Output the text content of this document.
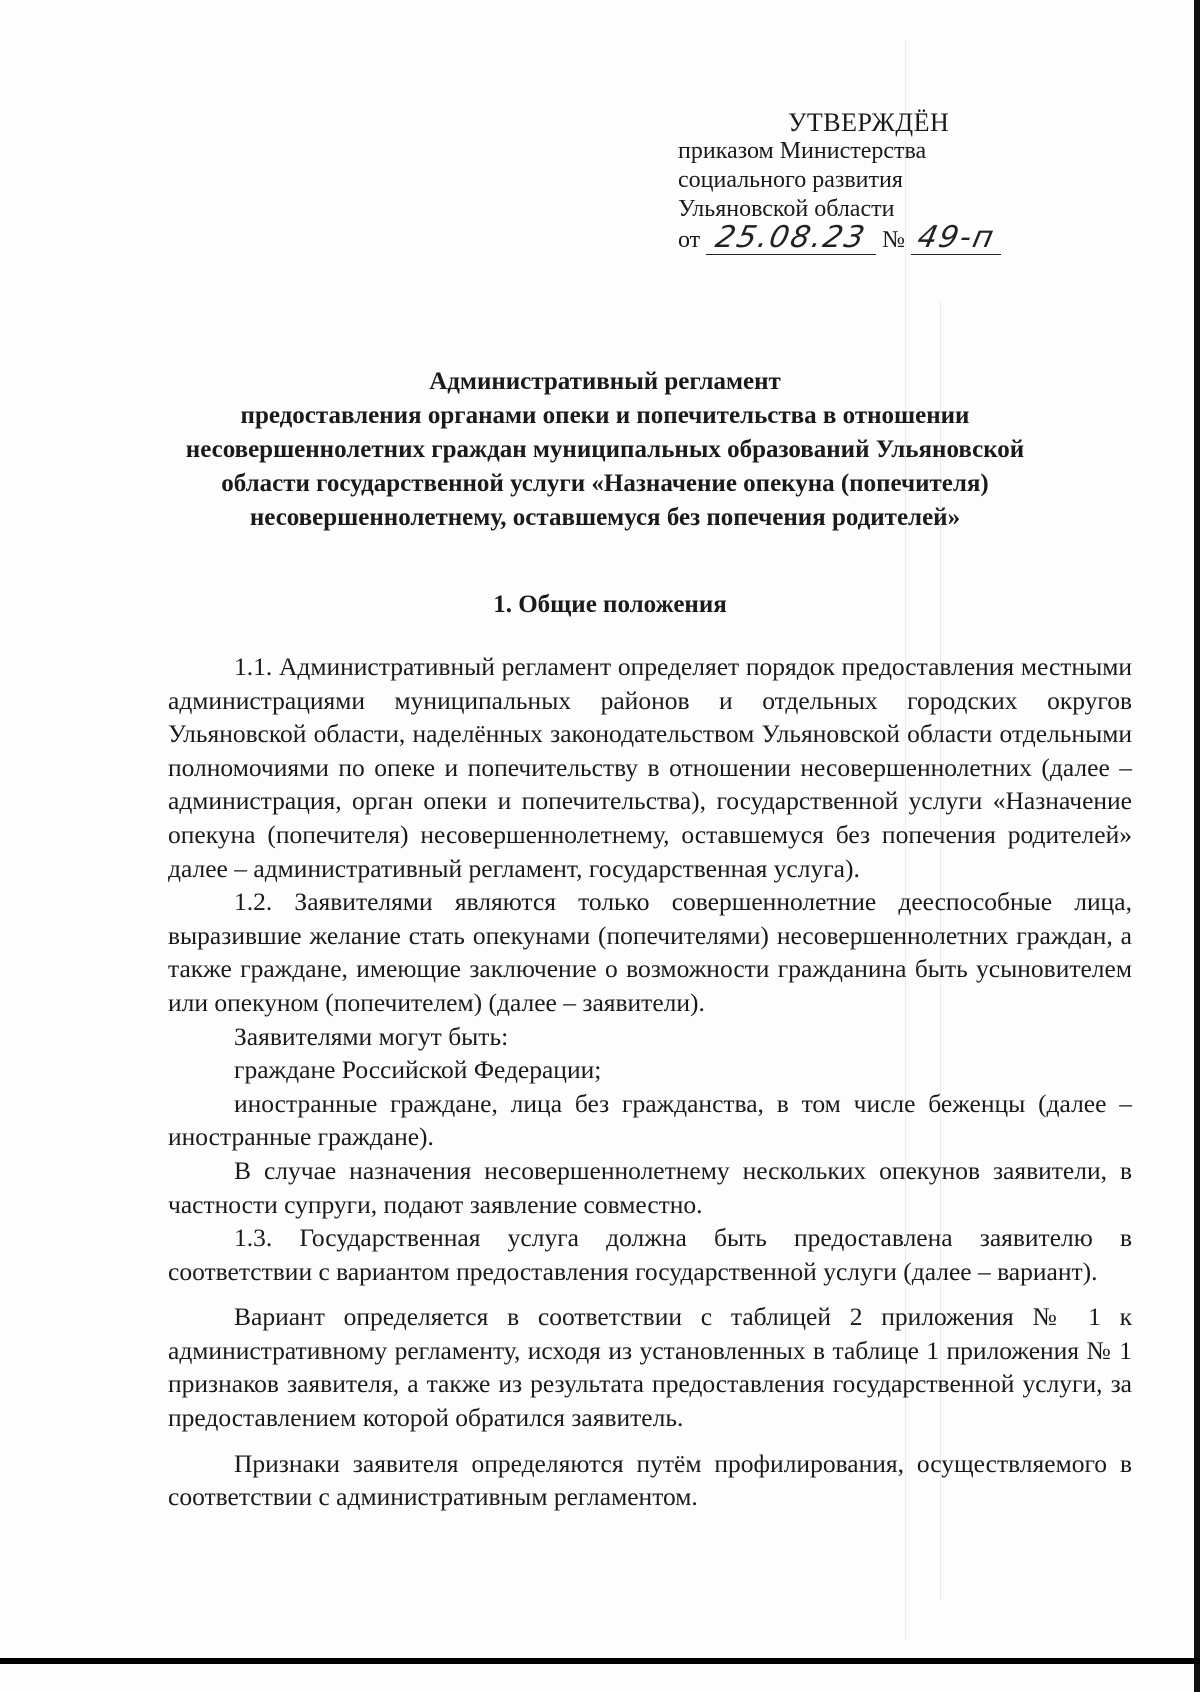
УТВЕРЖДЁН
приказом Министерства
социального развития
Ульяновской области
от 25.08.23 № 49-п
Административный регламент
предоставления органами опеки и попечительства в отношении
несовершеннолетних граждан муниципальных образований Ульяновской
области государственной услуги «Назначение опекуна (попечителя)
несовершеннолетнему, оставшемуся без попечения родителей»
1. Общие положения

1.1. Административный регламент определяет порядок предоставления местными администрациями муниципальных районов и отдельных городских округов Ульяновской области, наделённых законодательством Ульяновской области отдельными полномочиями по опеке и попечительству в отношении несовершеннолетних (далее – администрация, орган опеки и попечительства), государственной услуги «Назначение опекуна (попечителя) несовершеннолетнему, оставшемуся без попечения родителей» далее – административный регламент, государственная услуга).

1.2. Заявителями являются только совершеннолетние дееспособные лица, выразившие желание стать опекунами (попечителями) несовершеннолетних граждан, а также граждане, имеющие заключение о возможности гражданина быть усыновителем или опекуном (попечителем) (далее – заявители).

Заявителями могут быть:

граждане Российской Федерации;

иностранные граждане, лица без гражданства, в том числе беженцы (далее – иностранные граждане).

В случае назначения несовершеннолетнему нескольких опекунов заявители, в частности супруги, подают заявление совместно.

1.3. Государственная услуга должна быть предоставлена заявителю в соответствии с вариантом предоставления государственной услуги (далее – вариант).

Вариант определяется в соответствии с таблицей 2 приложения № 1 к административному регламенту, исходя из установленных в таблице 1 приложения № 1 признаков заявителя, а также из результата предоставления государственной услуги, за предоставлением которой обратился заявитель.

Признаки заявителя определяются путём профилирования, осуществляемого в соответствии с административным регламентом.
